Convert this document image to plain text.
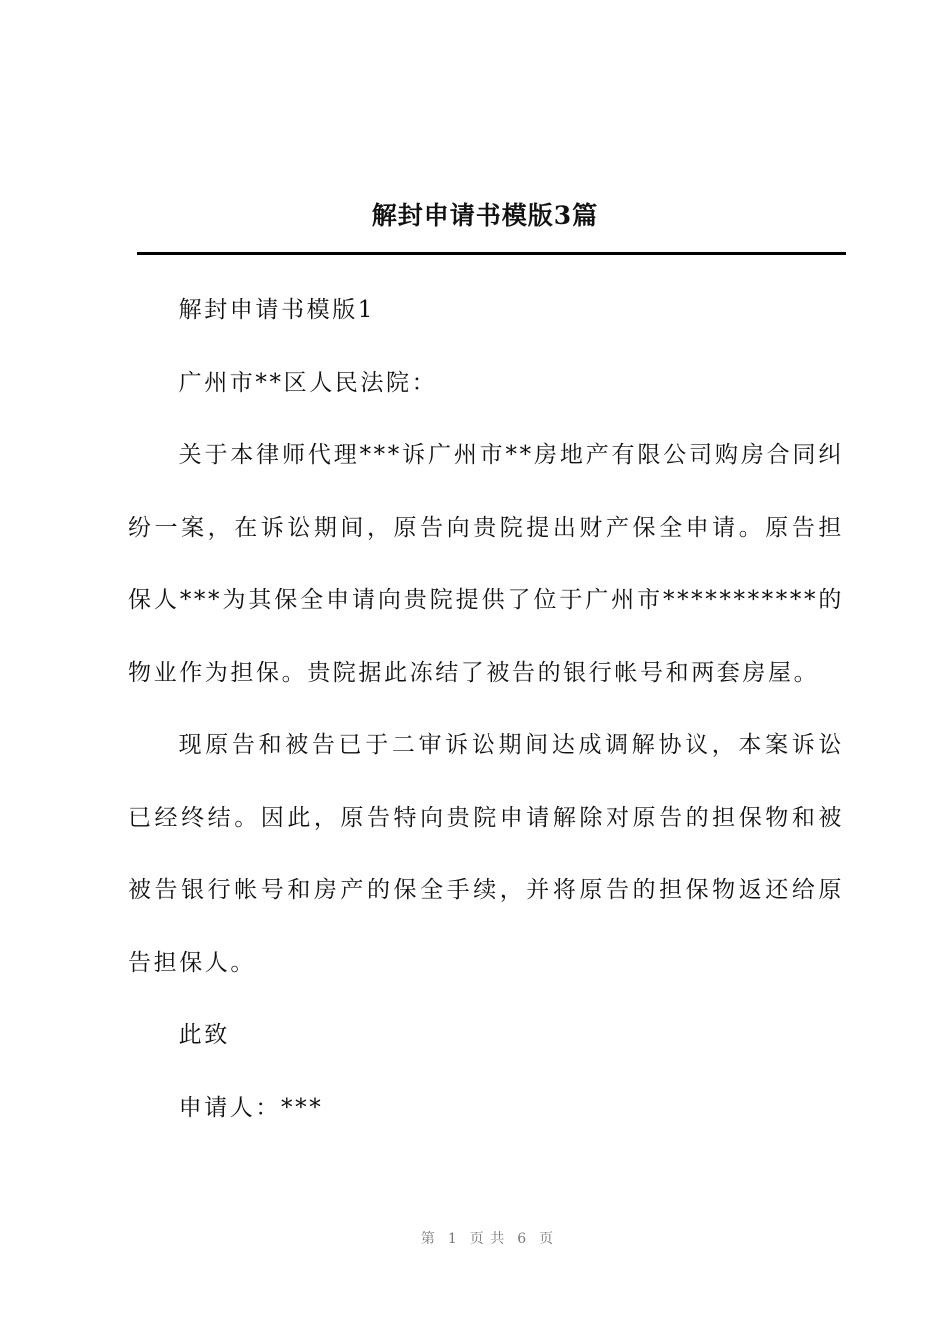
解封申请书模版3篇

解封申请书模版1

广州市**区人民法院：

关于本律师代理***诉广州市**房地产有限公司购房合同纠纷一案，在诉讼期间，原告向贵院提出财产保全申请。原告担保人***为其保全申请向贵院提供了位于广州市***********的物业作为担保。贵院据此冻结了被告的银行帐号和两套房屋。

现原告和被告已于二审诉讼期间达成调解协议，本案诉讼已经终结。因此，原告特向贵院申请解除对原告的担保物和被被告银行帐号和房产的保全手续，并将原告的担保物返还给原告担保人。

此致

申请人：***

第 1 页 共 6 页
